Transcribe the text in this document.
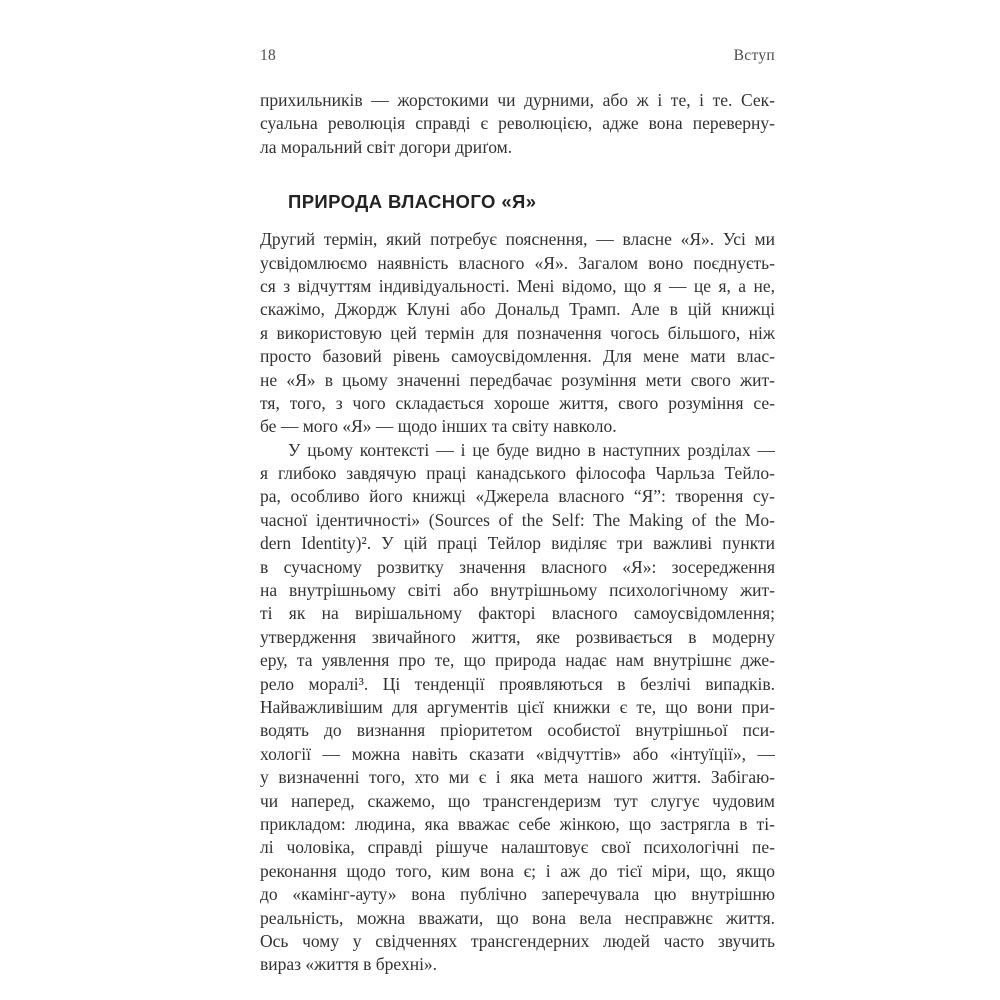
18	Вступ
прихильників — жорстокими чи дурними, або ж і те, і те. Сек-
суальна революція справді є революцією, адже вона переверну-
ла моральний світ догори дриґом.
ПРИРОДА ВЛАСНОГО «Я»
Другий термін, який потребує пояснення, — власне «Я». Усі ми
усвідомлюємо наявність власного «Я». Загалом воно поєднуєть-
ся з відчуттям індивідуальності. Мені відомо, що я — це я, а не,
скажімо, Джордж Клуні або Дональд Трамп. Але в цій книжці
я використовую цей термін для позначення чогось більшого, ніж
просто базовий рівень самоусвідомлення. Для мене мати влас-
не «Я» в цьому значенні передбачає розуміння мети свого жит-
тя, того, з чого складається хороше життя, свого розуміння се-
бе — мого «Я» — щодо інших та світу навколо.
У цьому контексті — і це буде видно в наступних розділах —
я глибоко завдячую праці канадського філософа Чарльза Тейло-
ра, особливо його книжці «Джерела власного “Я”: творення су-
часної ідентичності» (Sources of the Self: The Making of the Mo-
dern Identity)². У цій праці Тейлор виділяє три важливі пункти
в сучасному розвитку значення власного «Я»: зосередження
на внутрішньому світі або внутрішньому психологічному жит-
ті як на вирішальному факторі власного самоусвідомлення;
утвердження звичайного життя, яке розвивається в модерну
еру, та уявлення про те, що природа надає нам внутрішнє дже-
рело моралі³. Ці тенденції проявляються в безлічі випадків.
Найважливішим для аргументів цієї книжки є те, що вони при-
водять до визнання пріоритетом особистої внутрішньої пси-
хології — можна навіть сказати «відчуттів» або «інтуїції», —
у визначенні того, хто ми є і яка мета нашого життя. Забігаю-
чи наперед, скажемо, що трансгендеризм тут слугує чудовим
прикладом: людина, яка вважає себе жінкою, що застрягла в ті-
лі чоловіка, справді рішуче налаштовує свої психологічні пе-
реконання щодо того, ким вона є; і аж до тієї міри, що, якщо
до «камінг-ауту» вона публічно заперечувала цю внутрішню
реальність, можна вважати, що вона вела несправжнє життя.
Ось чому у свідченнях трансгендерних людей часто звучить
вираз «життя в брехні».
